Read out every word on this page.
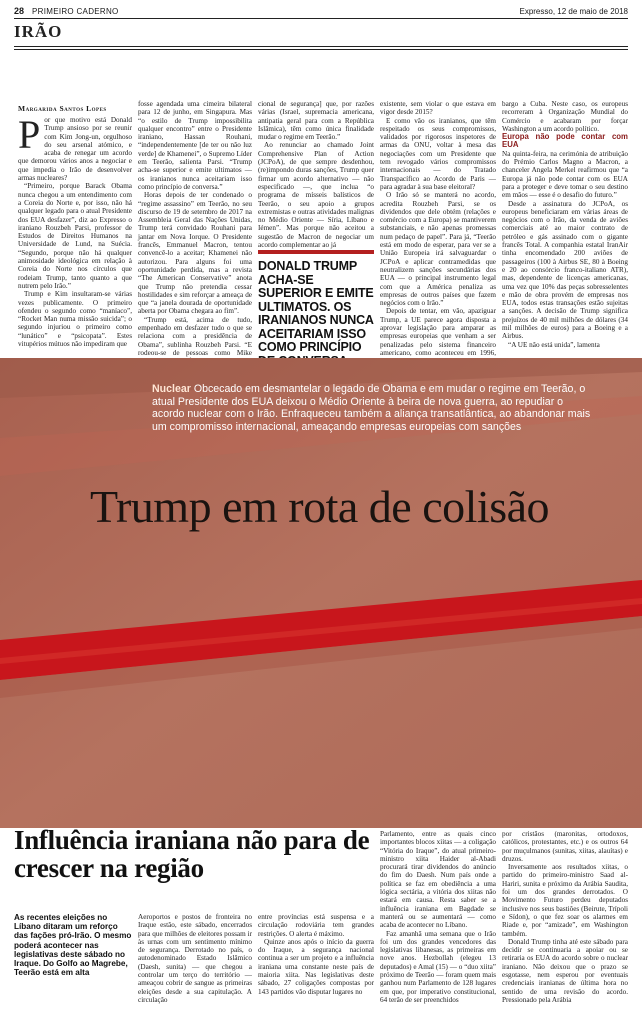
28 PRIMEIRO CADERNO	Expresso, 12 de maio de 2018
IRÃO
Margarida Santos Lopes
P or que motivo está Donald Trump ansioso por se reunir com Kim Jong-un, orgulhoso do seu arsenal atómico, e acaba de renegar um acordo que demorou vários anos a negociar e que impedia o Irão de desenvolver armas nucleares?

“Primeiro, porque Barack Obama nunca chegou a um entendimento com a Coreia do Norte e, por isso, não há qualquer legado para o atual Presidente dos EUA desfazer”, diz ao Expresso o iraniano Rouzbeh Parsi, professor de Estudos de Direitos Humanos na Universidade de Lund, na Suécia. “Segundo, porque não há qualquer animosidade ideológica em relação à Coreia do Norte nos círculos que rodeiam Trump, tanto quanto a que nutrem pelo Irão.”

Trump e Kim insultaram-se várias vezes publicamente. O primeiro ofendeu o segundo como “maníaco”, “Rocket Man numa missão suicida”; o segundo injuriou o primeiro como “lunático” e “psicopata”. Estes vitupérios mútuos não impediram que

fosse agendada uma cimeira bilateral para 12 de junho, em Singapura. Mas “o estilo de Trump impossibilita qualquer encontro” entre o Presidente iraniano, Hassan Rouhani, “independentemente [de ter ou não luz verde] de Khamenei”, o Supremo Líder em Teerão, salienta Parsi. “Trump acha-se superior e emite ultimatos — os iranianos nunca aceitariam isso como princípio de conversa.”

Horas depois de ter condenado o “regime assassino” em Teerão, no seu discurso de 19 de setembro de 2017 na Assembleia Geral das Nações Unidas, Trump terá convidado Rouhani para jantar em Nova Iorque. O Presidente francês, Emmanuel Macron, tentou convencê-lo a aceitar; Khamenei não autorizou. Para alguns foi uma oportunidade perdida, mas a revista “The American Conservative” anota que Trump não pretendia cessar hostilidades e sim reforçar a ameaça de que “a janela dourada de oportunidade aberta por Obama chegara ao fim”.

“Trump está, acima de tudo, empenhado em desfazer tudo o que se relaciona com a presidência de Obama”, sublinha Rouzbeh Parsi. “E rodeou-se de pessoas como Mike

cional de segurança] que, por razões várias (Israel, supremacia americana, antipatia geral para com a República Islâmica), têm como única finalidade mudar o regime em Teerão.”

Ao renunciar ao chamado Joint Comprehensive Plan of Action (JCPoA), de que sempre desdenhou, (re)impondo duras sanções, Trump quer firmar um acordo alternativo — não especificado —, que inclua “o programa de mísseis balísticos de Teerão, o seu apoio a grupos extremistas e outras atividades malignas no Médio Oriente — Síria, Líbano e Iémen”. Mas porque não aceitou a sugestão de Macron de negociar um acordo complementar ao já

DONALD TRUMP ACHA-SE SUPERIOR E EMITE ULTIMATOS. OS IRANIANOS NUNCA ACEITARIAM ISSO COMO PRINCÍPIO

existente, sem violar o que estava em vigor desde 2015?

E como vão os iranianos, que têm respeitado os seus compromissos, validados por rigorosos inspetores de armas da ONU, voltar à mesa das negociações com um Presidente que tem revogado vários compromissos internacionais — do Tratado Transpacífico ao Acordo de Paris — para agradar à sua base eleitoral?

O Irão só se manterá no acordo, acredita Rouzbeh Parsi, se os dividendos que dele obtém (relações e comércio com a Europa) se mantiverem substanciais, e não apenas promessas num pedaço de papel”. Para já, “Teerão está em modo de esperar, para ver se a União Europeia irá salvaguardar o JCPoA e aplicar contramedidas que neutralizem sanções secundárias dos EUA — o principal instrumento legal com que a América penaliza as empresas de outros países que fazem negócios com o Irão.”

Depois de tentar, em vão, apaziguar Trump, a UE parece agora disposta a aprovar legislação para amparar as empresas europeias que venham a ser penalizadas pelo sistema financeiro americano, como aconteceu em 1996,

bargo a Cuba. Neste caso, os europeus recorreram à Organização Mundial do Comércio e acabaram por forçar Washington a um acordo político.

Europa não pode contar com EUA

Na quinta-feira, na cerimónia de atribuição do Prémio Carlos Magno a Macron, a chanceler Angela Merkel reafirmou que “a Europa já não pode contar com os EUA para a proteger e deve tomar o seu destino em mãos — esse é o desafio do futuro.”

Desde a assinatura do JCPoA, os europeus beneficiaram em várias áreas de negócios com o Irão, da venda de aviões comerciais até ao maior contrato de petróleo e gás assinado com o gigante francês Total. A companhia estatal IranAir tinha encomendado 200 aviões de passageiros (100 à Airbus SE, 80 à Boeing e 20 ao consórcio franco-italiano ATR), mas, dependente de licenças americanas, uma vez que 10% das peças sobresselentes e mão de obra provém de empresas nos EUA, todos estas transações estão sujeitas a sanções. A decisão de Trump significa prejuízos de 40 mil milhões de dólares (34 mil milhões de euros) para a Boeing e a Airbus.

“A UE não está unida”, lamenta

Nuclear Obcecado em desmantelar o legado de Obama e em mudar o regime em Teerão, o atual Presidente dos EUA deixou o Médio Oriente à beira de nova guerra, ao repudiar o acordo nuclear com o Irão. Enfraqueceu também a aliança transatlântica, ao abandonar mais um compromisso internacional, ameaçando empresas europeias com sanções
Trump em rota de colisão
Influência iraniana não para de crescer na região
As recentes eleições no Líbano ditaram um reforço das fações pró-Irão. O mesmo poderá acontecer nas legislativas deste sábado no Iraque. Do Golfo ao Magrebe, Teerão está em alta

Aeroportos e postos de fronteira no Iraque estão, este sábado, encerrados para que milhões de eleitores possam ir às urnas com um sentimento mínimo de segurança. Derrotado no país, o autodenominado Estado Islâmico (Daesh, sunita) — que chegou a controlar um terço do território — ameaçou cobrir de sangue as primeiras eleições desde a sua capitulação. A circulação

entre províncias está suspensa e a circulação rodoviária tem grandes restrições. O alerta é máximo.

Quinze anos após o início da guerra do Iraque, a segurança nacional continua a ser um projeto e a influência iraniana uma constante neste país de maioria xiita. Nas legislativas deste sábado, 27 coligações compostas por 143 partidos vão disputar lugares no

Parlamento, entre as quais cinco importantes blocos xiitas — a coligação “Vitória do Iraque”, do atual primeiro-ministro xiita Haider al-Abadi procurará tirar dividendos do anúncio do fim do Daesh. Num país onde a política se faz em obediência a uma lógica sectária, a vitória dos xiitas não estará em causa. Resta saber se a influência iraniana em Bagdade se manterá ou se aumentará — como acaba de acontecer no Líbano.

Faz amanhã uma semana que o Irão foi um dos grandes vencedores das legislativas libanesas, as primeiras em nove anos. Hezbollah (elegeu 13 deputados) e Amal (15) — o “duo xiita” próximo de Teerão — foram quem mais ganhou num Parlamento de 128 lugares em que, por imperativo constitucional, 64 terão de ser preenchidos

por cristãos (maronitas, ortodoxos, católicos, protestantes, etc.) e os outros 64 por muçulmanos (sunitas, xiitas, alauítas) e druzos.

Inversamente aos resultados xiitas, o partido do primeiro-ministro Saad al-Hariri, sunita e próximo da Arábia Saudita, foi um dos grandes derrotados. O Movimento Futuro perdeu deputados inclusive nos seus bastiões (Beirute, Trípoli e Sídon), o que fez soar os alarmes em Riade e, por “amizade”, em Washington também.

Donald Trump tinha até este sábado para decidir se continuaria a apoiar ou se retiraria os EUA do acordo sobre o nuclear iraniano. Não deixou que o prazo se esgotasse, nem esperou por eventuais credenciais iranianas de última hora no sentido de uma revisão do acordo. Pressionado pela Arábia
